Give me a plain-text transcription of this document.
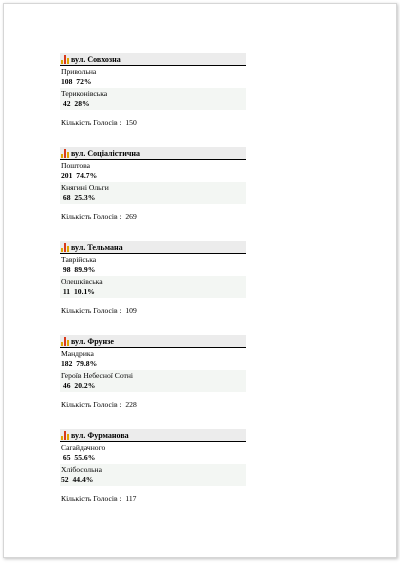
вул. Совхозна
Привольна
108 72%
Териконівська
42 28%
Кількість Голосів : 150
вул. Соціалістична
Поштова
201 74.7%
Княгині Ольги
68 25.3%
Кількість Голосів : 269
вул. Тельмана
Таврійська
98 89.9%
Олешківська
11 10.1%
Кількість Голосів : 109
вул. Фрунзе
Мандрика
182 79.8%
Героїв Небесної Сотні
46 20.2%
Кількість Голосів : 228
вул. Фурманова
Сагайдачного
65 55.6%
Хлібосольна
52 44.4%
Кількість Голосів : 117
